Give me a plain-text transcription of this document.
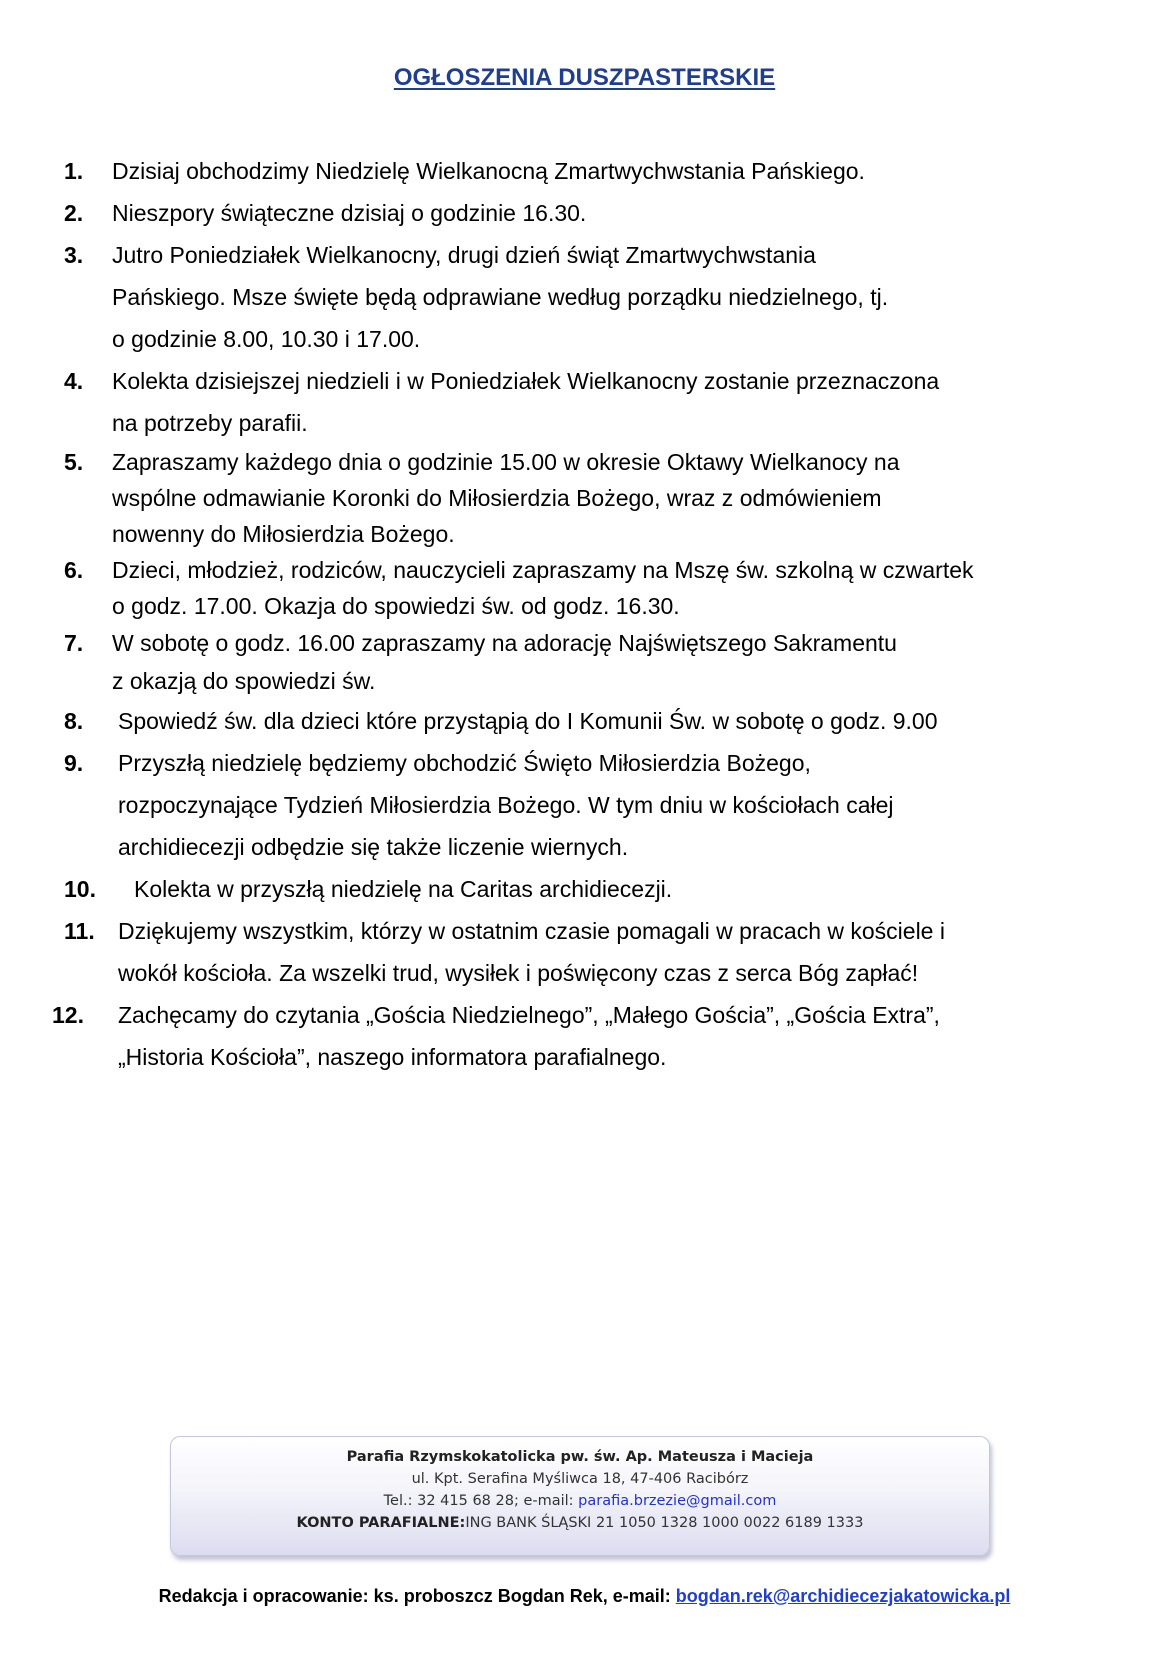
OGŁOSZENIA DUSZPASTERSKIE
1.	Dzisiaj obchodzimy Niedzielę Wielkanocną Zmartwychwstania Pańskiego.
2.	Nieszpory świąteczne dzisiaj o godzinie 16.30.
3.	Jutro Poniedziałek Wielkanocny, drugi dzień świąt Zmartwychwstania
Pańskiego. Msze święte będą odprawiane według porządku niedzielnego, tj.
o godzinie 8.00, 10.30 i 17.00.
4.	Kolekta dzisiejszej niedzieli i w Poniedziałek Wielkanocny zostanie przeznaczona
na potrzeby parafii.
5.	Zapraszamy każdego dnia o godzinie 15.00 w okresie Oktawy Wielkanocy na
wspólne odmawianie Koronki do Miłosierdzia Bożego, wraz z odmówieniem
nowenny do Miłosierdzia Bożego.
6.	Dzieci, młodzież, rodziców, nauczycieli zapraszamy na Mszę św. szkolną w czwartek
o godz. 17.00. Okazja do spowiedzi św. od godz. 16.30.
7.	W sobotę o godz. 16.00 zapraszamy na adorację Najświętszego Sakramentu
z okazją do spowiedzi św.
8.	Spowiedź św. dla dzieci które przystąpią do I Komunii Św. w sobotę o godz. 9.00
9.	Przyszłą niedzielę będziemy obchodzić Święto Miłosierdzia Bożego,
rozpoczynające Tydzień Miłosierdzia Bożego. W tym dniu w kościołach całej
archidiecezji odbędzie się także liczenie wiernych.
10.	Kolekta w przyszłą niedzielę na Caritas archidiecezji.
11.	Dziękujemy wszystkim, którzy w ostatnim czasie pomagali w pracach w kościele i
wokół kościoła. Za wszelki trud, wysiłek i poświęcony czas z serca Bóg zapłać!
12.	Zachęcamy do czytania „Gościa Niedzielnego”, „Małego Gościa”, „Gościa Extra”,
„Historia Kościoła”, naszego informatora parafialnego.
Parafia Rzymskokatolicka pw. św. Ap. Mateusza i Macieja
ul. Kpt. Serafina Myśliwca 18, 47-406 Racibórz
Tel.: 32 415 68 28; e-mail: parafia.brzezie@gmail.com
KONTO PARAFIALNE:ING BANK ŚLĄSKI 21 1050 1328 1000 0022 6189 1333
Redakcja i opracowanie: ks. proboszcz Bogdan Rek, e-mail: bogdan.rek@archidiecezjakatowicka.pl
